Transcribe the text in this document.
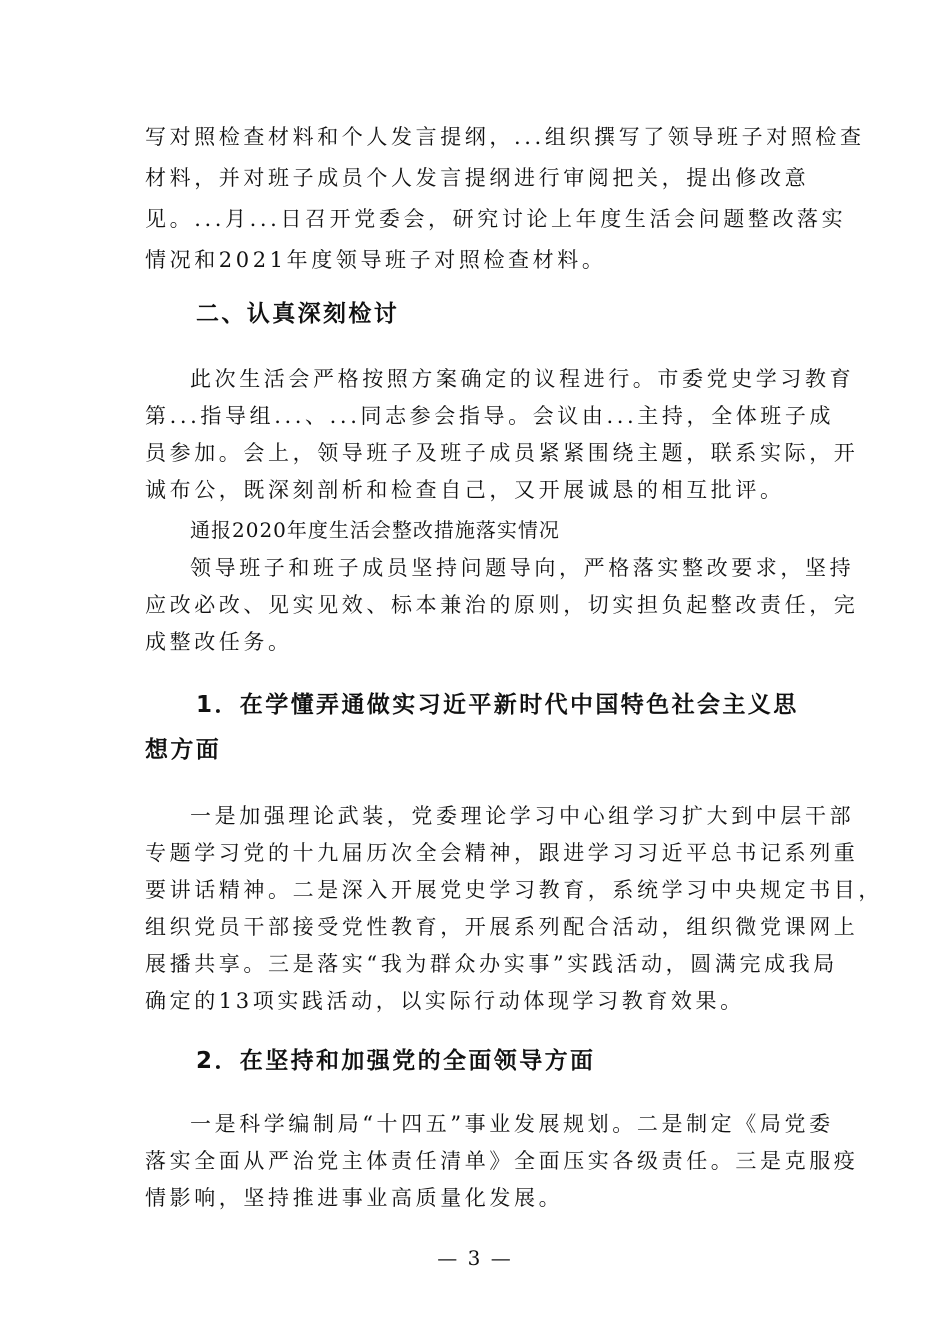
写对照检查材料和个人发言提纲，...组织撰写了领导班子对照检查
材料，并对班子成员个人发言提纲进行审阅把关，提出修改意
见。...月...日召开党委会，研究讨论上年度生活会问题整改落实
情况和2021年度领导班子对照检查材料。
二、认真深刻检讨
此次生活会严格按照方案确定的议程进行。市委党史学习教育
第...指导组...、...同志参会指导。会议由...主持，全体班子成
员参加。会上，领导班子及班子成员紧紧围绕主题，联系实际，开
诚布公，既深刻剖析和检查自己，又开展诚恳的相互批评。
通报2020年度生活会整改措施落实情况
领导班子和班子成员坚持问题导向，严格落实整改要求，坚持
应改必改、见实见效、标本兼治的原则，切实担负起整改责任，完
成整改任务。
1．在学懂弄通做实习近平新时代中国特色社会主义思
想方面
一是加强理论武装，党委理论学习中心组学习扩大到中层干部
专题学习党的十九届历次全会精神，跟进学习习近平总书记系列重
要讲话精神。二是深入开展党史学习教育，系统学习中央规定书目，
组织党员干部接受党性教育，开展系列配合活动，组织微党课网上
展播共享。三是落实“我为群众办实事”实践活动，圆满完成我局
确定的13项实践活动，以实际行动体现学习教育效果。
2．在坚持和加强党的全面领导方面
一是科学编制局“十四五”事业发展规划。二是制定《局党委
落实全面从严治党主体责任清单》全面压实各级责任。三是克服疫
情影响，坚持推进事业高质量化发展。
— 3 —
